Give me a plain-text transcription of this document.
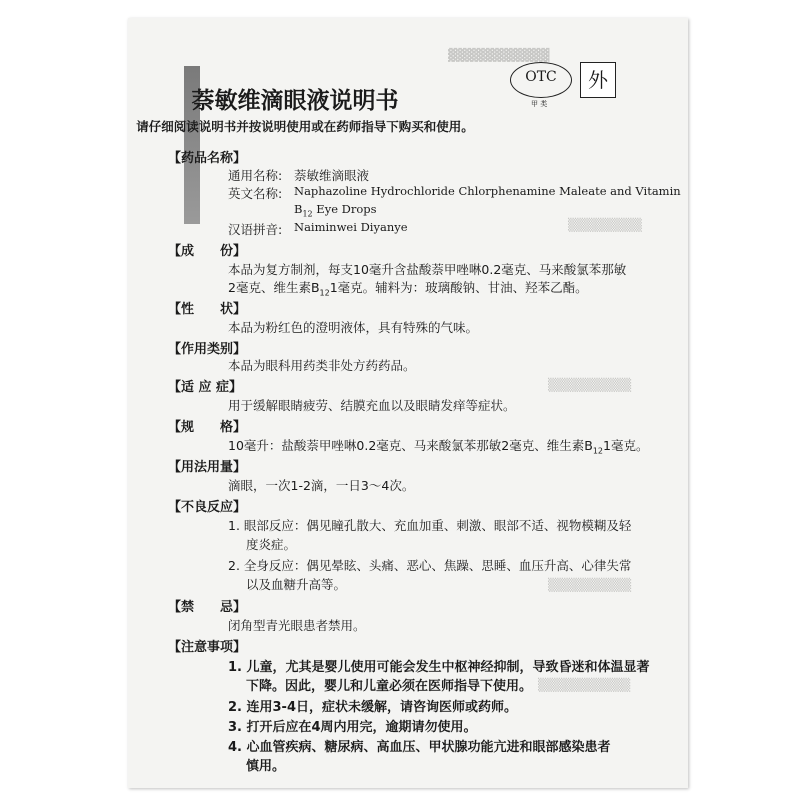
▓▓▓▓▓▓▓▓▓▓▓
▒▒▒▒▒▒▒▒
▒▒▒▒▒▒▒▒▒
▒▒▒▒▒▒▒▒▒
▒▒▒▒▒▒▒▒▒▒
OTC
甲 类
外
萘敏维滴眼液说明书
请仔细阅读说明书并按说明使用或在药师指导下购买和使用。
【药品名称】
通用名称: 萘敏维滴眼液
英文名称: Naphazoline Hydrochloride Chlorphenamine Maleate and Vitamin
$B_{12}$ Eye Drops
汉语拼音: Naiminwei Diyanye
【成　　份】
本品为复方制剂，每支10毫升含盐酸萘甲唑啉0.2毫克、马来酸氯苯那敏
2毫克、维生素$B_{12}1$毫克。辅料为：玻璃酸钠、甘油、羟苯乙酯。
【性　　状】
本品为粉红色的澄明液体，具有特殊的气味。
【作用类别】
本品为眼科用药类非处方药药品。
【适 应 症】
用于缓解眼睛疲劳、结膜充血以及眼睛发痒等症状。
【规　　格】
10毫升：盐酸萘甲唑啉0.2毫克、马来酸氯苯那敏2毫克、维生素$B_{12}1$毫克。
【用法用量】
滴眼，一次1-2滴，一日3～4次。
【不良反应】
1. 眼部反应：偶见瞳孔散大、充血加重、刺激、眼部不适、视物模糊及轻
度炎症。
2. 全身反应：偶见晕眩、头痛、恶心、焦躁、思睡、血压升高、心律失常
以及血糖升高等。
【禁　　忌】
闭角型青光眼患者禁用。
【注意事项】
1. 儿童，尤其是婴儿使用可能会发生中枢神经抑制，导致昏迷和体温显著
下降。因此，婴儿和儿童必须在医师指导下使用。
2. 连用3-4日，症状未缓解，请咨询医师或药师。
3. 打开后应在4周内用完，逾期请勿使用。
4. 心血管疾病、糖尿病、高血压、甲状腺功能亢进和眼部感染患者
慎用。
